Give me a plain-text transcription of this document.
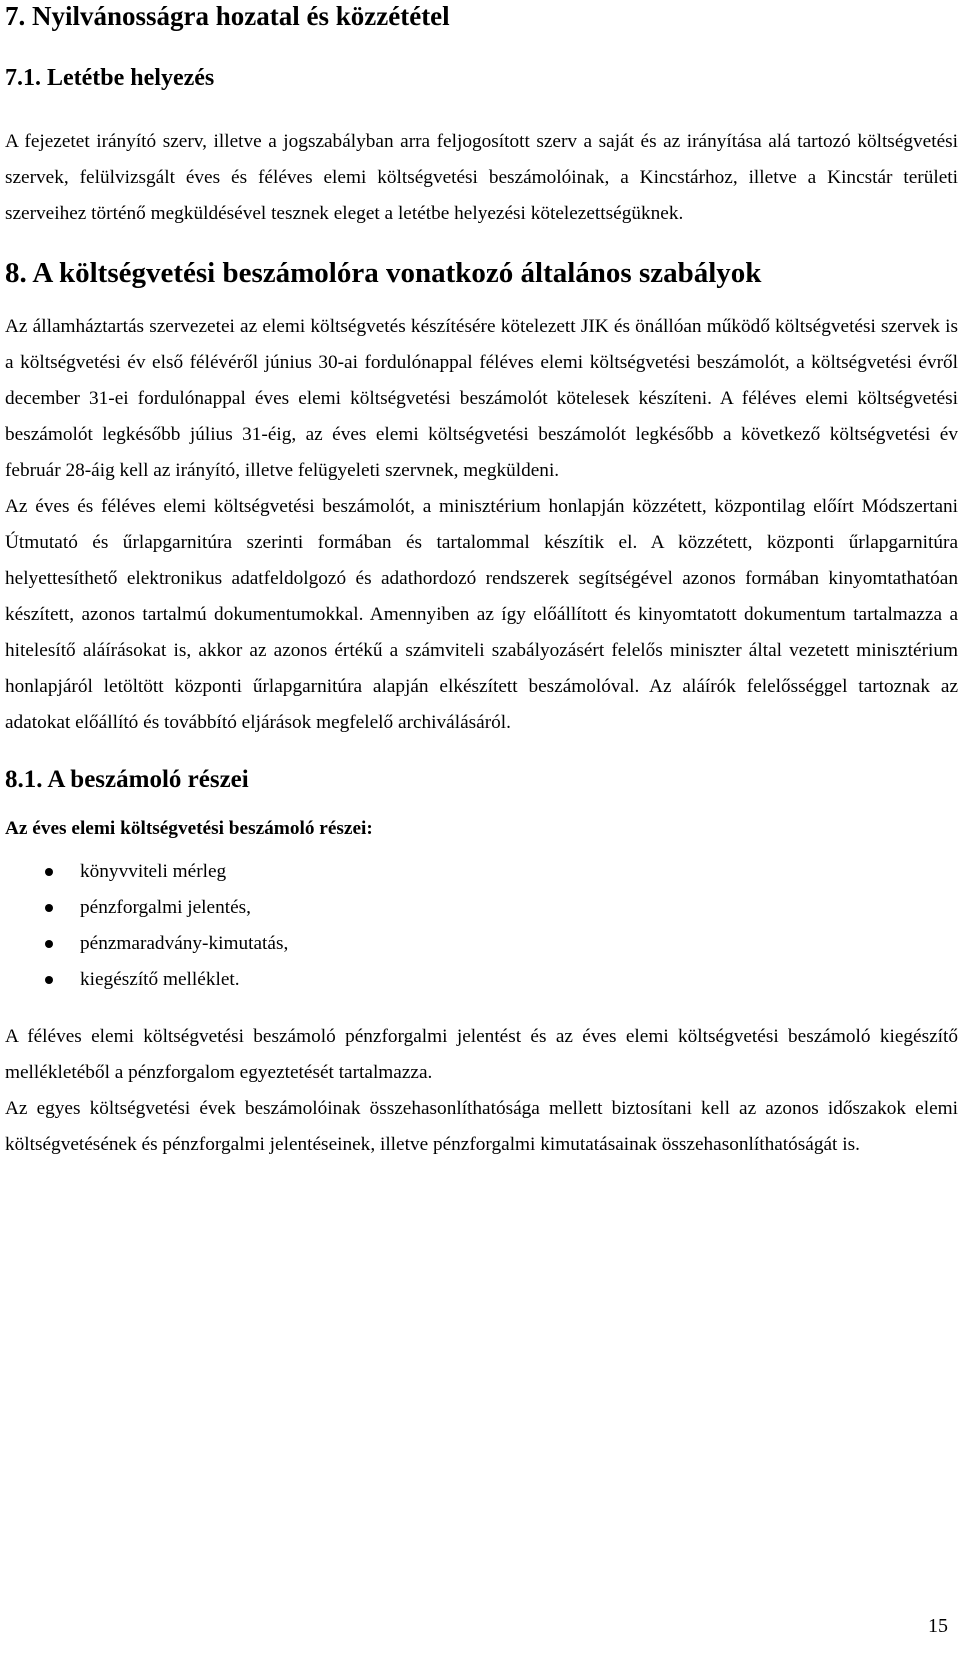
7. Nyilvánosságra hozatal és közzététel
7.1. Letétbe helyezés

A fejezetet irányító szerv, illetve a jogszabályban arra feljogosított szerv a saját és az irányítása alá tartozó költségvetési szervek, felülvizsgált éves és féléves elemi költségvetési beszámolóinak, a Kincstárhoz, illetve a Kincstár területi szerveihez történő megküldésével tesznek eleget a letétbe helyezési kötelezettségüknek.

8. A költségvetési beszámolóra vonatkozó általános szabályok

Az államháztartás szervezetei az elemi költségvetés készítésére kötelezett JIK és önállóan működő költségvetési szervek is a költségvetési év első félévéről június 30-ai fordulónappal féléves elemi költségvetési beszámolót, a költségvetési évről december 31-ei fordulónappal éves elemi költségvetési beszámolót kötelesek készíteni. A féléves elemi költségvetési beszámolót legkésőbb július 31-éig, az éves elemi költségvetési beszámolót legkésőbb a következő költségvetési év február 28-áig kell az irányító, illetve felügyeleti szervnek, megküldeni.

Az éves és féléves elemi költségvetési beszámolót, a minisztérium honlapján közzétett, központilag előírt Módszertani Útmutató és űrlapgarnitúra szerinti formában és tartalommal készítik el. A közzétett, központi űrlapgarnitúra helyettesíthető elektronikus adatfeldolgozó és adathordozó rendszerek segítségével azonos formában kinyomtathatóan készített, azonos tartalmú dokumentumokkal. Amennyiben az így előállított és kinyomtatott dokumentum tartalmazza a hitelesítő aláírásokat is, akkor az azonos értékű a számviteli szabályozásért felelős miniszter által vezetett minisztérium honlapjáról letöltött központi űrlapgarnitúra alapján elkészített beszámolóval. Az aláírók felelősséggel tartoznak az adatokat előállító és továbbító eljárások megfelelő archiválásáról.

8.1. A beszámoló részei
Az éves elemi költségvetési beszámoló részei:
könyvviteli mérleg
pénzforgalmi jelentés,
pénzmaradvány-kimutatás,
kiegészítő melléklet.

A féléves elemi költségvetési beszámoló pénzforgalmi jelentést és az éves elemi költségvetési beszámoló kiegészítő mellékletéből a pénzforgalom egyeztetését tartalmazza.

Az egyes költségvetési évek beszámolóinak összehasonlíthatósága mellett biztosítani kell az azonos időszakok elemi költségvetésének és pénzforgalmi jelentéseinek, illetve pénzforgalmi kimutatásainak összehasonlíthatóságát is.

15
